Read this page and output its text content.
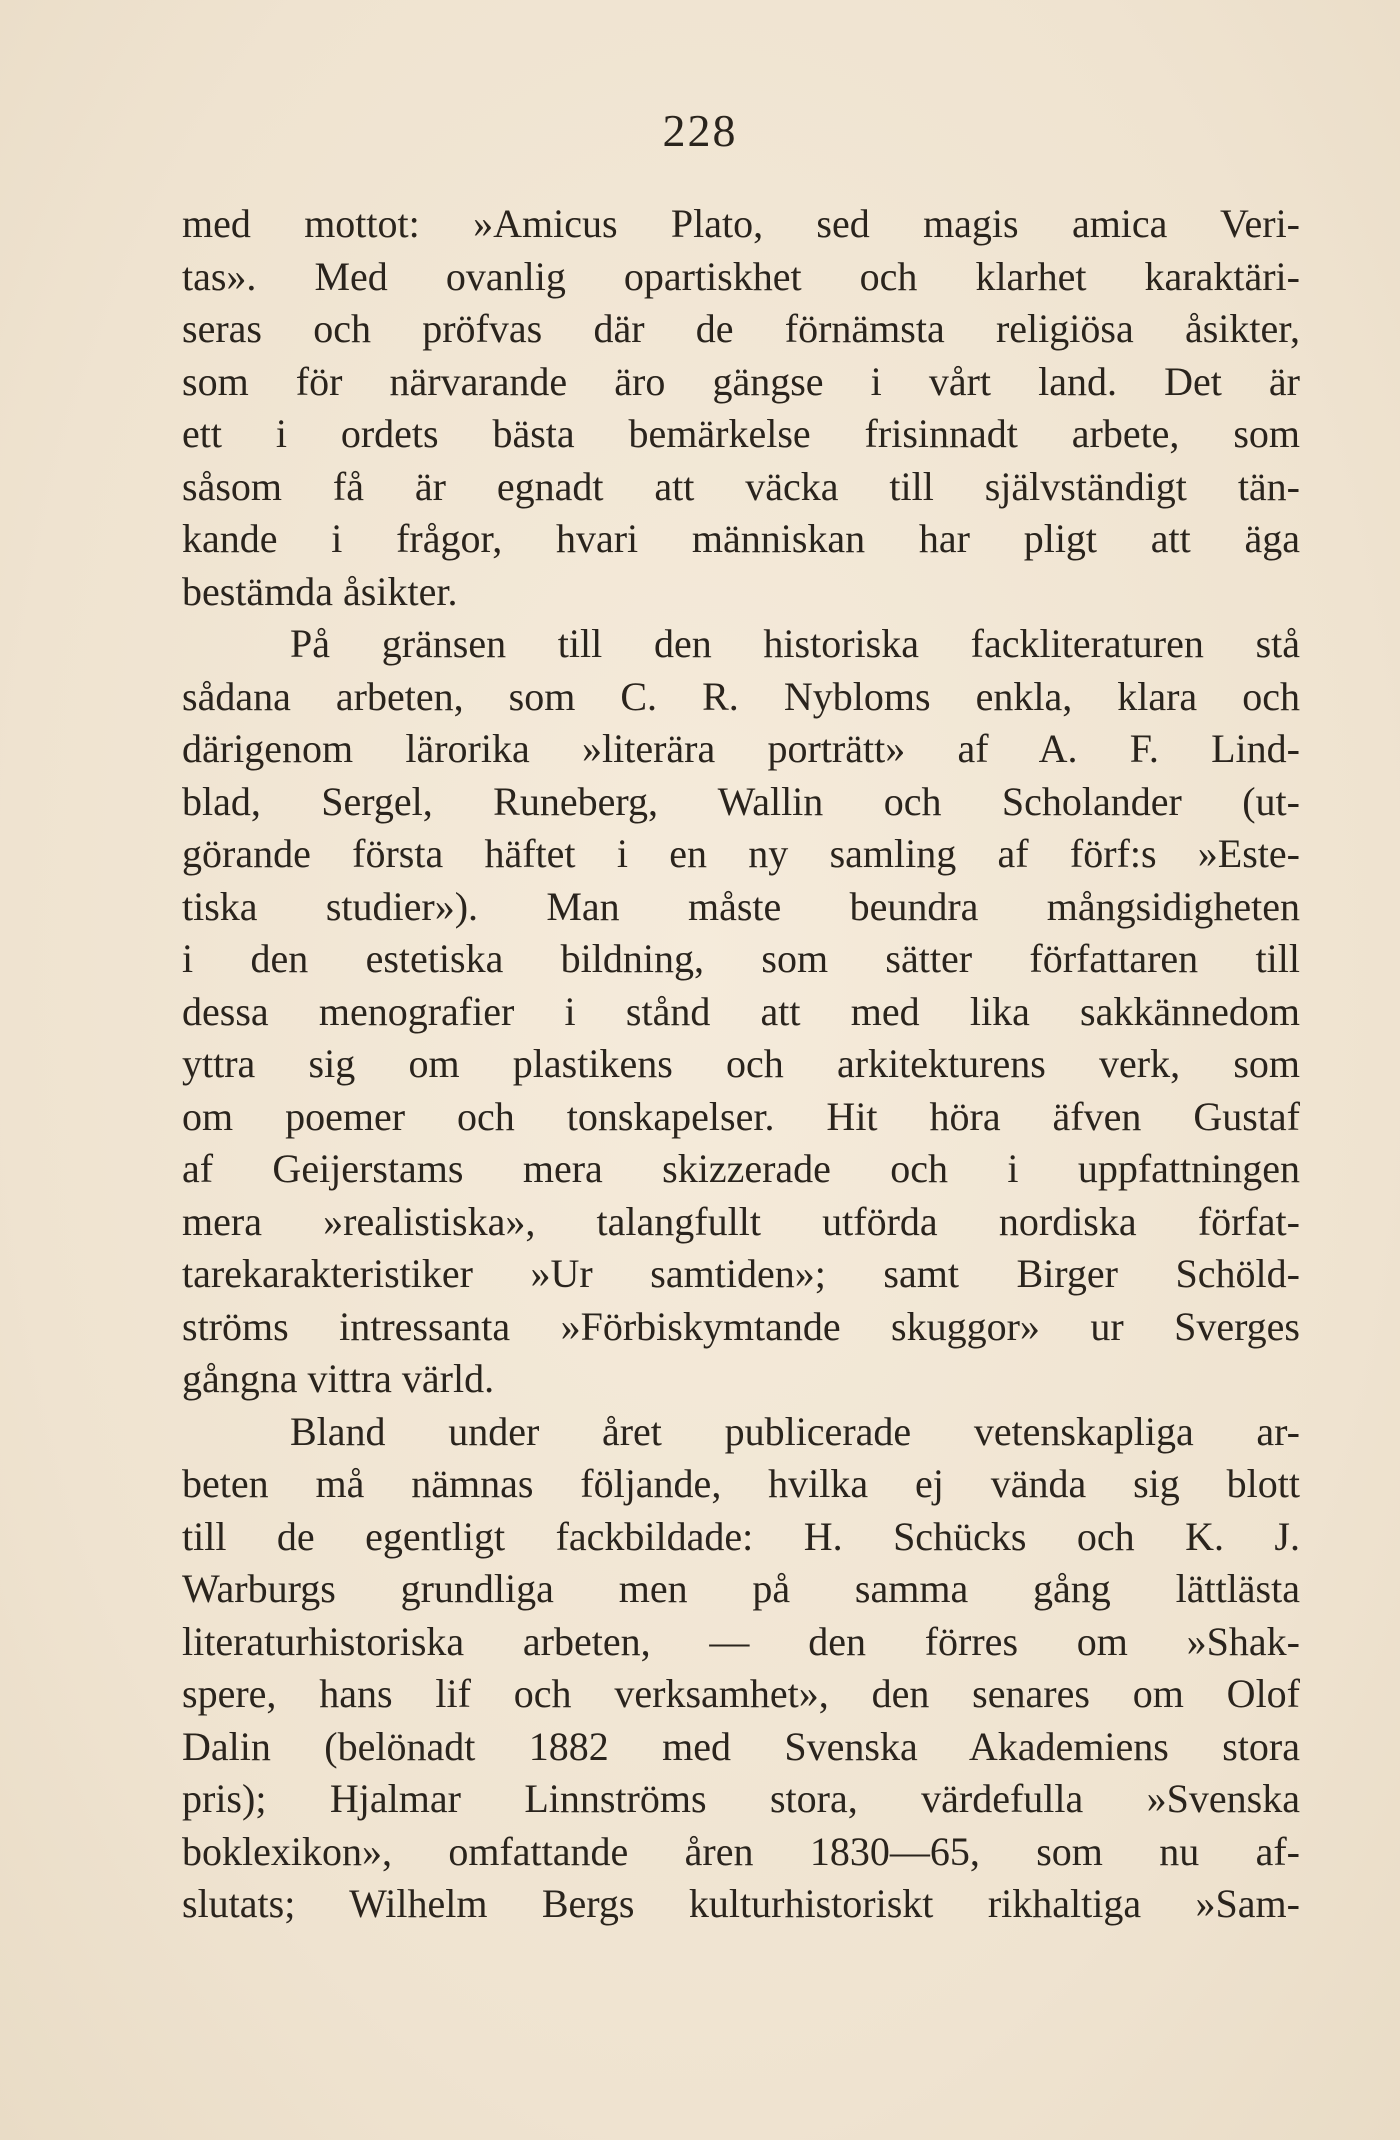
228
med mottot: »Amicus Plato, sed magis amica Veri-
tas». Med ovanlig opartiskhet och klarhet karaktäri-
seras och pröfvas där de förnämsta religiösa åsikter,
som för närvarande äro gängse i vårt land. Det är
ett i ordets bästa bemärkelse frisinnadt arbete, som
såsom få är egnadt att väcka till självständigt tän-
kande i frågor, hvari människan har pligt att äga
bestämda åsikter.
På gränsen till den historiska fackliteraturen stå
sådana arbeten, som C. R. Nybloms enkla, klara och
därigenom lärorika »literära porträtt» af A. F. Lind-
blad, Sergel, Runeberg, Wallin och Scholander (ut-
görande första häftet i en ny samling af förf:s »Este-
tiska studier»). Man måste beundra mångsidigheten
i den estetiska bildning, som sätter författaren till
dessa menografier i stånd att med lika sakkännedom
yttra sig om plastikens och arkitekturens verk, som
om poemer och tonskapelser. Hit höra äfven Gustaf
af Geijerstams mera skizzerade och i uppfattningen
mera »realistiska», talangfullt utförda nordiska förfat-
tarekarakteristiker »Ur samtiden»; samt Birger Schöld-
ströms intressanta »Förbiskymtande skuggor» ur Sverges
gångna vittra värld.
Bland under året publicerade vetenskapliga ar-
beten må nämnas följande, hvilka ej vända sig blott
till de egentligt fackbildade: H. Schücks och K. J.
Warburgs grundliga men på samma gång lättlästa
literaturhistoriska arbeten, — den förres om »Shak-
spere, hans lif och verksamhet», den senares om Olof
Dalin (belönadt 1882 med Svenska Akademiens stora
pris); Hjalmar Linnströms stora, värdefulla »Svenska
boklexikon», omfattande åren 1830—65, som nu af-
slutats; Wilhelm Bergs kulturhistoriskt rikhaltiga »Sam-
